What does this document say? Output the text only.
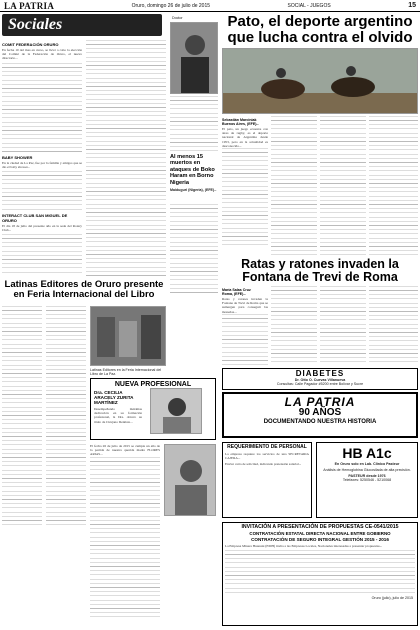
LA PATRIA	Oruro, domingo 26 de julio de 2015	SOCIAL - JUEGOS	15
Sociales
COMIT FEDERACIÓN ORURO
En fecha 10 del mes en curso, se llevó a cabo la elección del Comité de la Federación de Oruro, el nuevo directorio...
BABY SHOWER
En la ciudad de La Paz, fue por la familia y amigos que se dio el baby shower...
INTERACT CLUB SAN MIGUEL DE ORURO
El día 18 de julio del presente año en la sede del Rotary Club...
Doctor
Al menos 15 muertos en ataques de Boko Haram en Borno Nigeria
Maiduguri (Nigeria), (EFE).-
Pato, el deporte argentino que lucha contra el olvido
Sebastián Marciniak
Buenos Aires, (EFE).-
El pato, un juego ecuestre con aires de rugby, es el deporte nacional de Argentina desde 1953, pero en la actualidad es desconocido...
Ratas y ratones invaden la Fontana de Trevi de Roma
María Salas Cruz
Roma, (EFE).-
Ratas y ratones invaden la Fontana de Trevi de Roma que se sumergen para conseguir las monedas...
Latinas Editores de Oruro presente en Feria Internacional del Libro
Latinas Editores en la Feria Internacional del Libro de La Paz.
NUEVA PROFESIONAL
Dra. CECILIA ARACELY ZURITA MARTÍNEZ
Desempeñando máximas dedicación en su formación profesional, la Dra. obtuvo su título de Cirujano Dentista...
El fecha 26 de julio de 2015 se cumple un año de la partida de nuestra querida madre FLORES ARIAS...
DIABETES
Dr. Otto O. Cuevas Villanueva
Consultas: Calle Pagador #5200 entre Bolívar y Sucre
LA PATRIA
90 AÑOS
DOCUMENTANDO NUESTRA HISTORIA
REQUERIMIENTO DE PERSONAL
La empresa requiere los servicios de una SECRETARIA CAJERA...
Enviar carta de solicitud, indicando pretensión salarial...
HB A1c
En Oruro solo en Lab. Clínico Pasteur
Análisis de Hemoglobina Glucosilada de alta precisión.
PASTEUR desde 1976
Telefaxes: 5250546 - 5210068
INVITACIÓN A PRESENTACIÓN DE PROPUESTAS CE-0541/2015
CONTRATACIÓN ESTATAL DIRECTA NACIONAL ENTRE GOBIERNO
CONTRATACIÓN DE SEGURO INTEGRAL GESTIÓN 2015 - 2016
La Empresa Minera Huanuni (EMH) invita a las Empresas Locales, Nacionales interesadas a presentar propuestas...
Oruro (julio), julio de 2015
